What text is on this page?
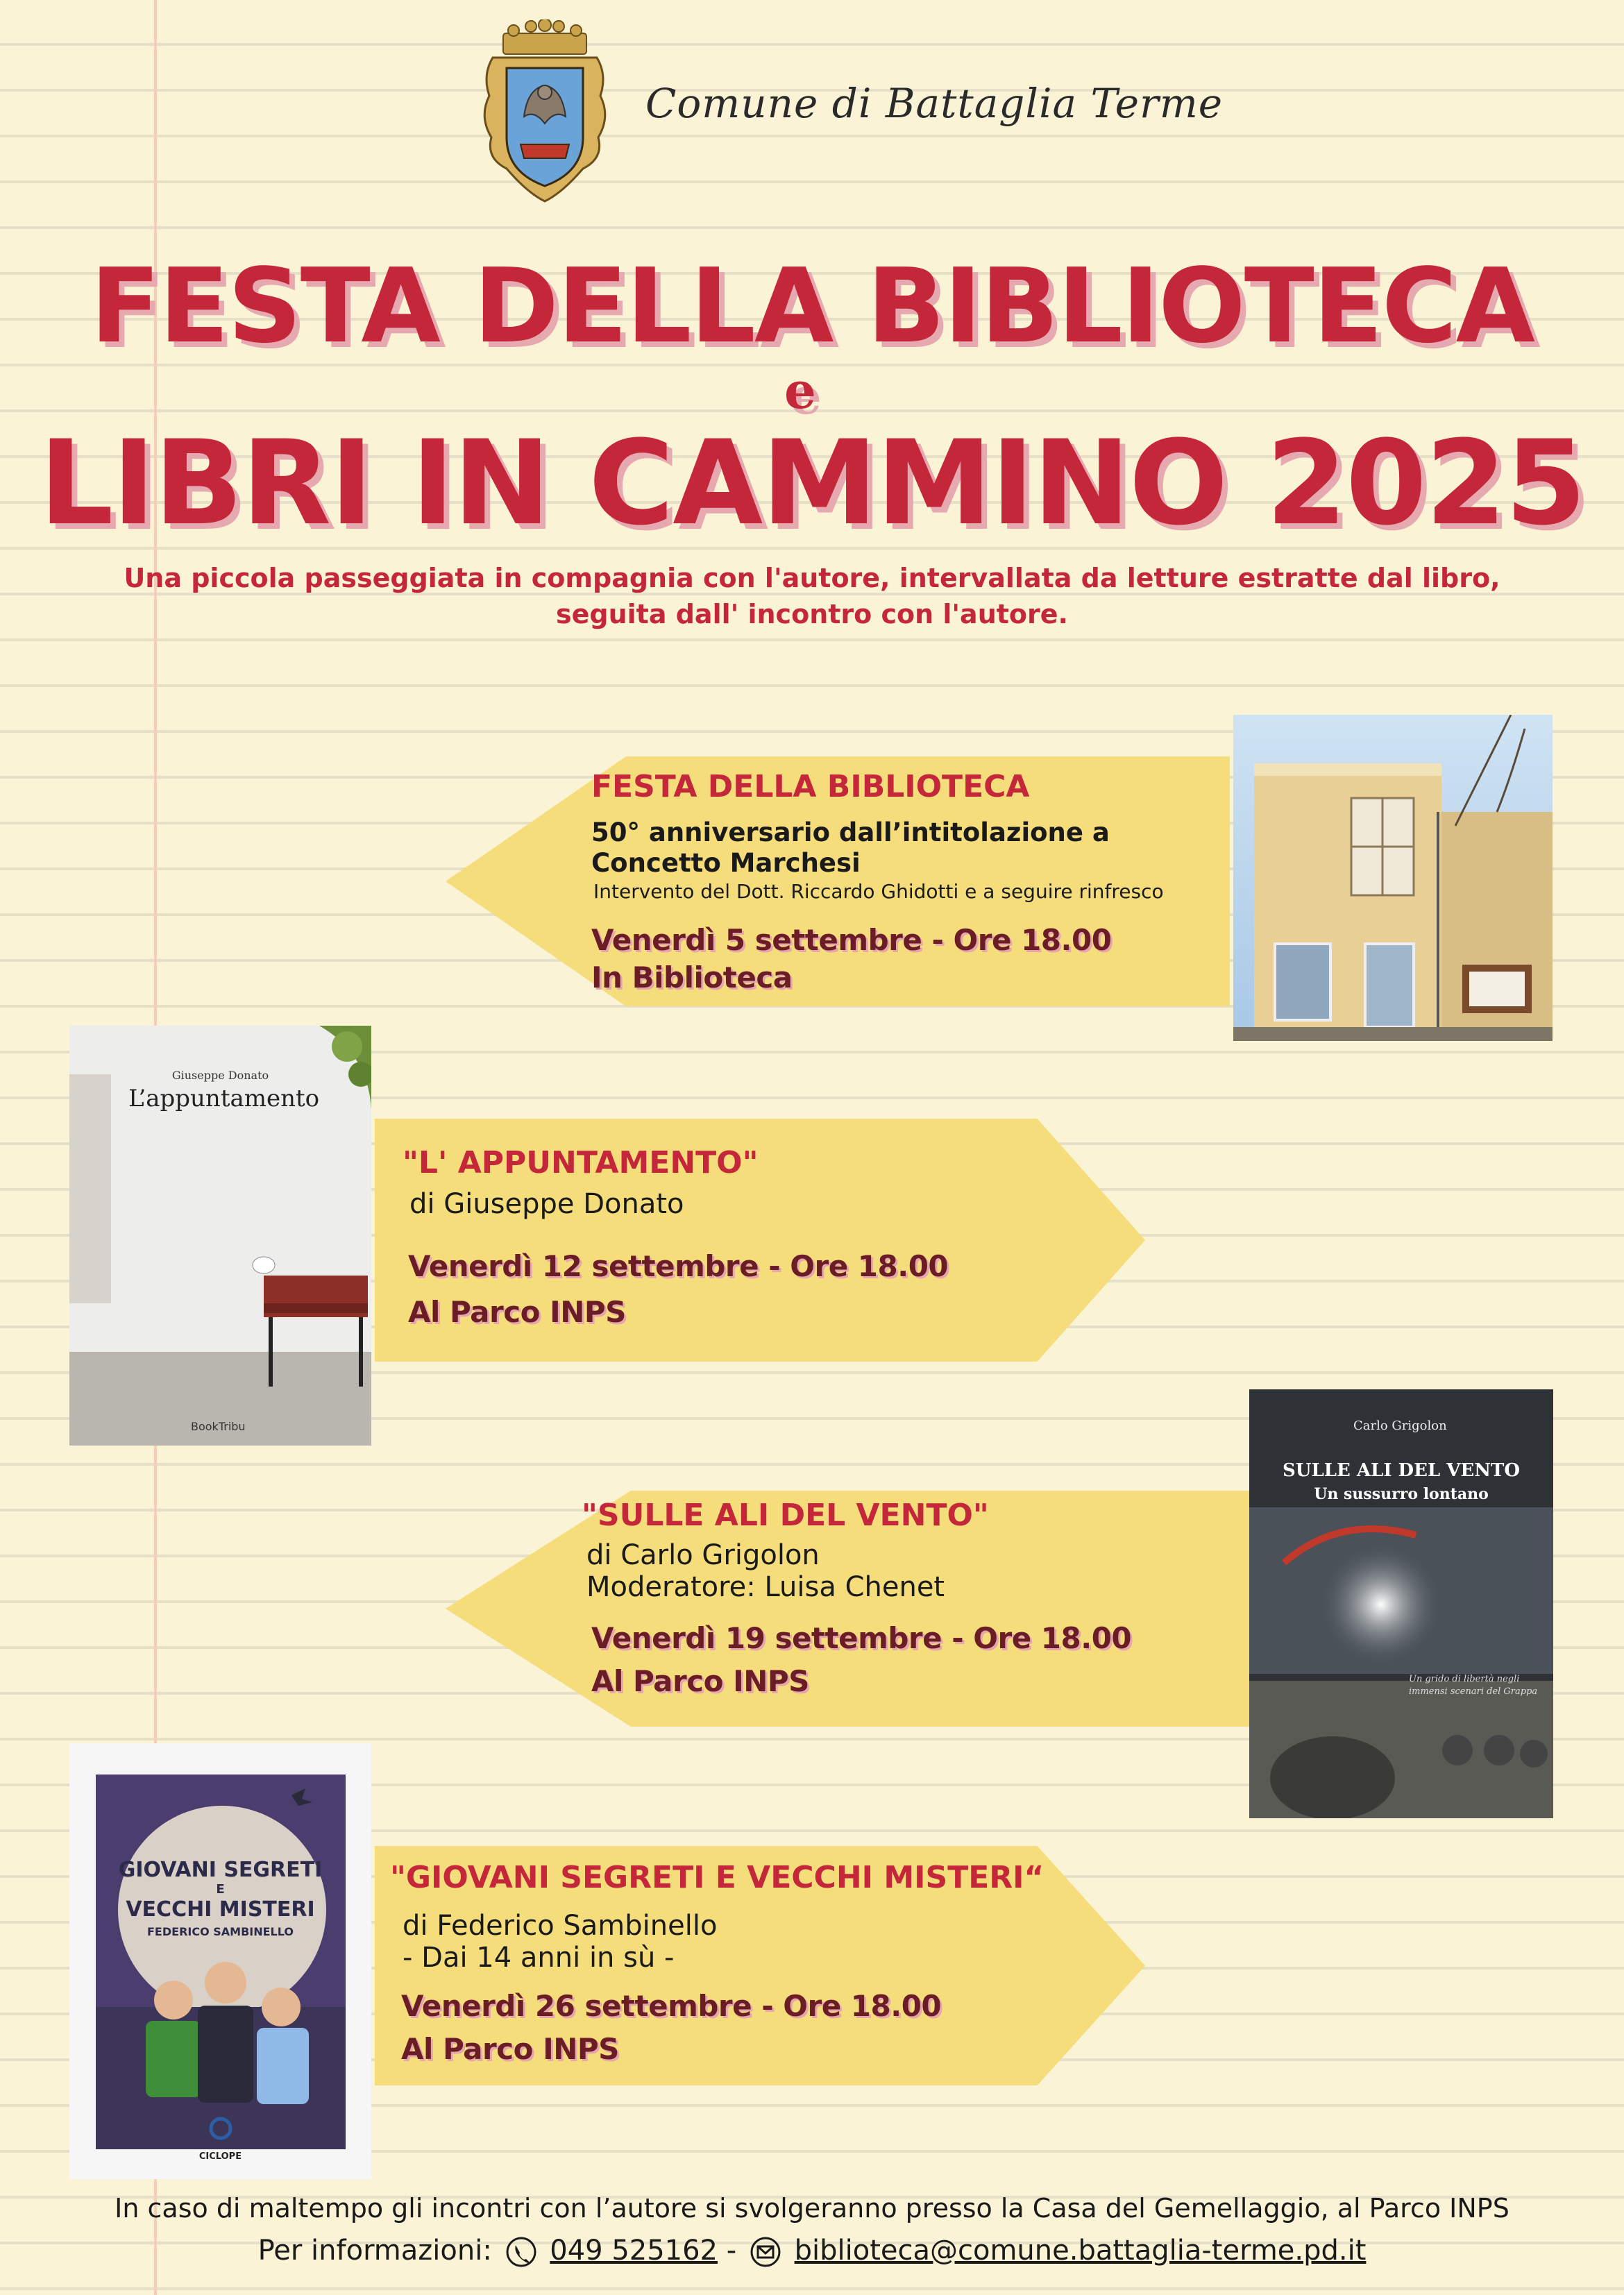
Comune di Battaglia Terme
FESTA DELLA BIBLIOTECA
e
LIBRI IN CAMMINO 2025
Una piccola passeggiata in compagnia con l'autore, intervallata da letture estratte dal libro,
seguita dall' incontro con l'autore.
FESTA DELLA BIBLIOTECA
50° anniversario dall’intitolazione a
Concetto Marchesi
Intervento del Dott. Riccardo Ghidotti e a seguire rinfresco
Venerdì 5 settembre - Ore 18.00
In Biblioteca
"L' APPUNTAMENTO"
di Giuseppe Donato
Venerdì 12 settembre - Ore 18.00
Al Parco INPS
Giuseppe Donato
L’appuntamento
BookTribu
"SULLE ALI DEL VENTO"
di Carlo Grigolon
Moderatore: Luisa Chenet
Venerdì 19 settembre - Ore 18.00
Al Parco INPS
Carlo Grigolon
SULLE ALI DEL VENTO
Un sussurro lontano
Un grido di libertà negli
immensi scenari del Grappa
"GIOVANI SEGRETI E VECCHI MISTERI“
di Federico Sambinello
- Dai 14 anni in sù -
Venerdì 26 settembre - Ore 18.00
Al Parco INPS
GIOVANI SEGRETI
E
VECCHI MISTERI
FEDERICO SAMBINELLO
CICLOPE
In caso di maltempo gli incontri con l’autore si svolgeranno presso la Casa del Gemellaggio, al Parco INPS
Per informazioni: 049 525162 - biblioteca@comune.battaglia-terme.pd.it
